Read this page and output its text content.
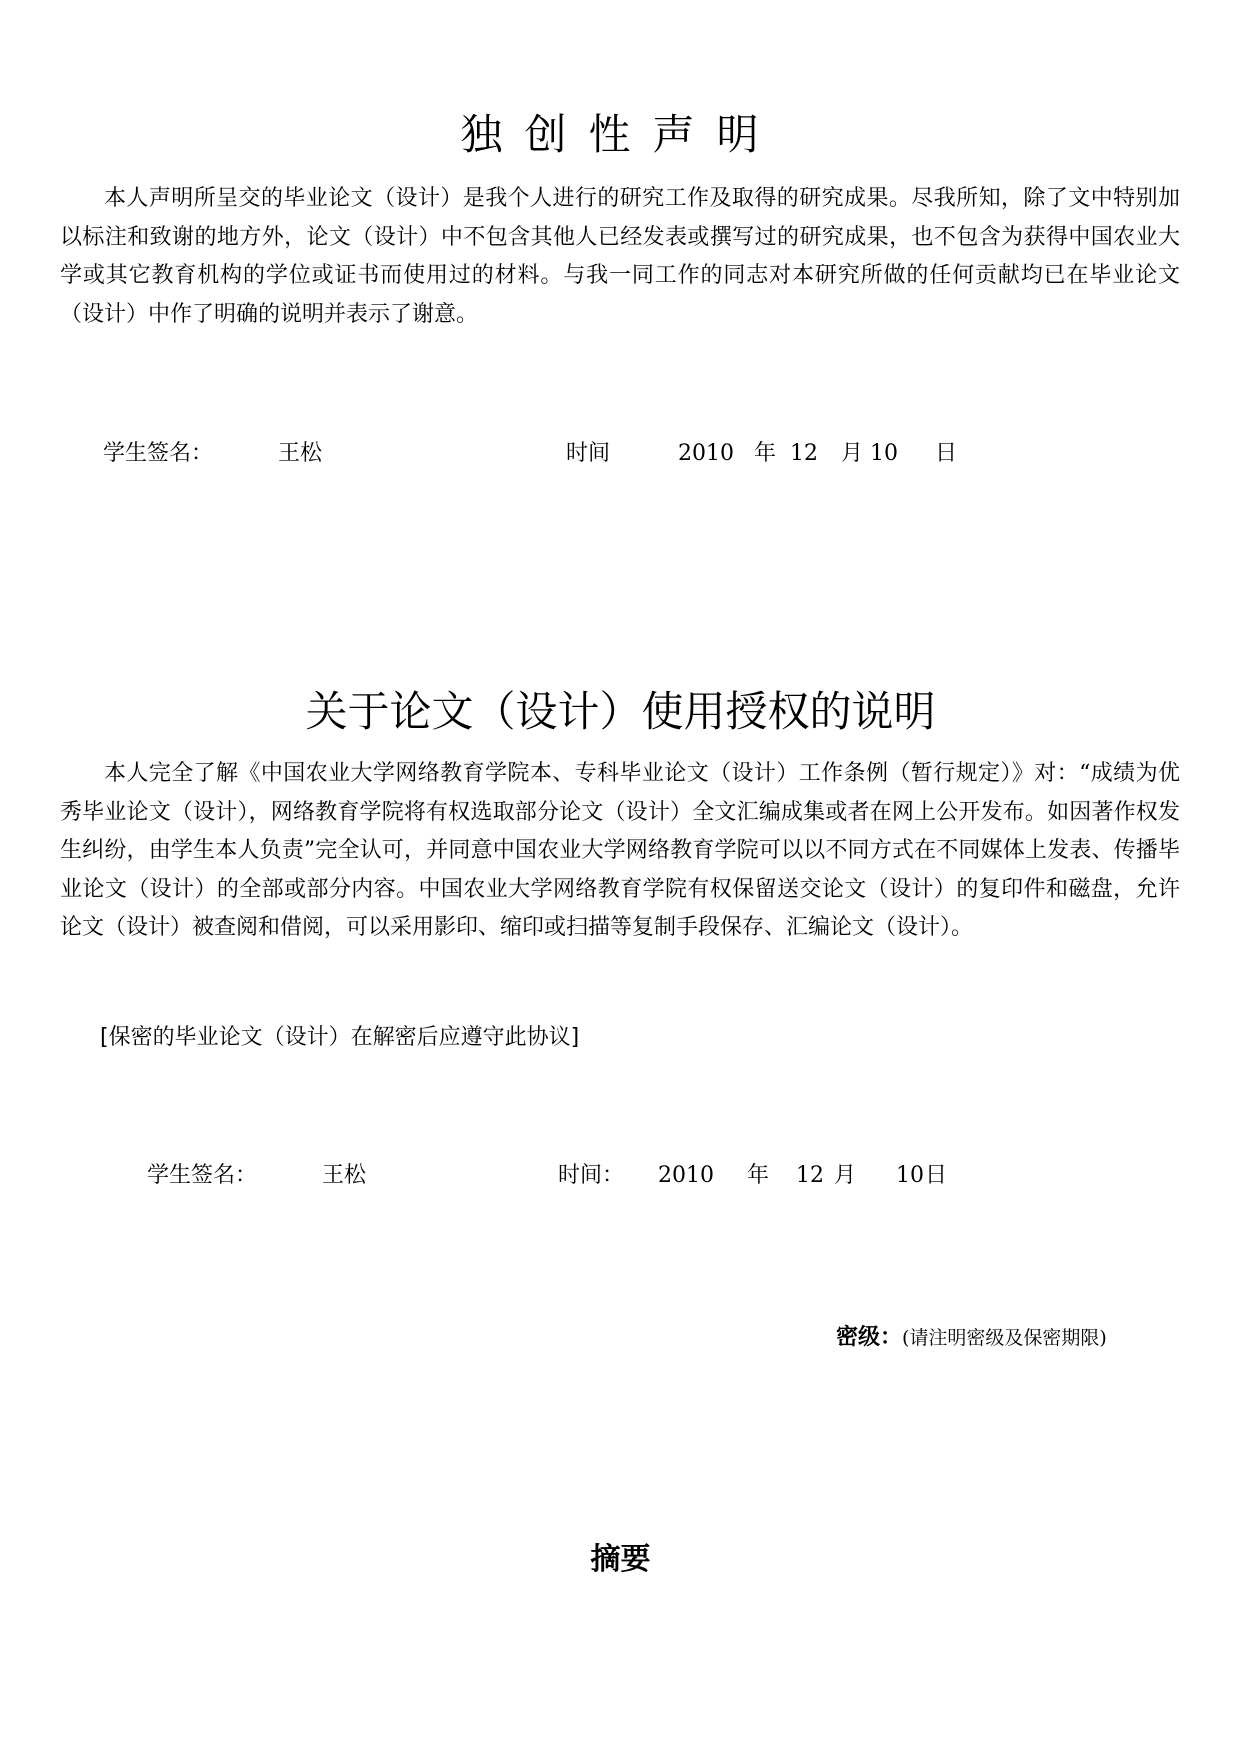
独创性声明
本人声明所呈交的毕业论文（设计）是我个人进行的研究工作及取得的研究成果。尽我所知，除了文中特别加以标注和致谢的地方外，论文（设计）中不包含其他人已经发表或撰写过的研究成果，也不包含为获得中国农业大学或其它教育机构的学位或证书而使用过的材料。与我一同工作的同志对本研究所做的任何贡献均已在毕业论文（设计）中作了明确的说明并表示了谢意。
学生签名：	王松	时间	2010 年 12 月 10 日
关于论文（设计）使用授权的说明
本人完全了解《中国农业大学网络教育学院本、专科毕业论文（设计）工作条例（暂行规定）》对：“成绩为优秀毕业论文（设计），网络教育学院将有权选取部分论文（设计）全文汇编成集或者在网上公开发布。如因著作权发生纠纷，由学生本人负责”完全认可，并同意中国农业大学网络教育学院可以以不同方式在不同媒体上发表、传播毕业论文（设计）的全部或部分内容。中国农业大学网络教育学院有权保留送交论文（设计）的复印件和磁盘，允许论文（设计）被查阅和借阅，可以采用影印、缩印或扫描等复制手段保存、汇编论文（设计）。
[保密的毕业论文（设计）在解密后应遵守此协议]
学生签名：	王松	时间： 2010 年 12 月 10 日
密级：(请注明密级及保密期限)
摘要
